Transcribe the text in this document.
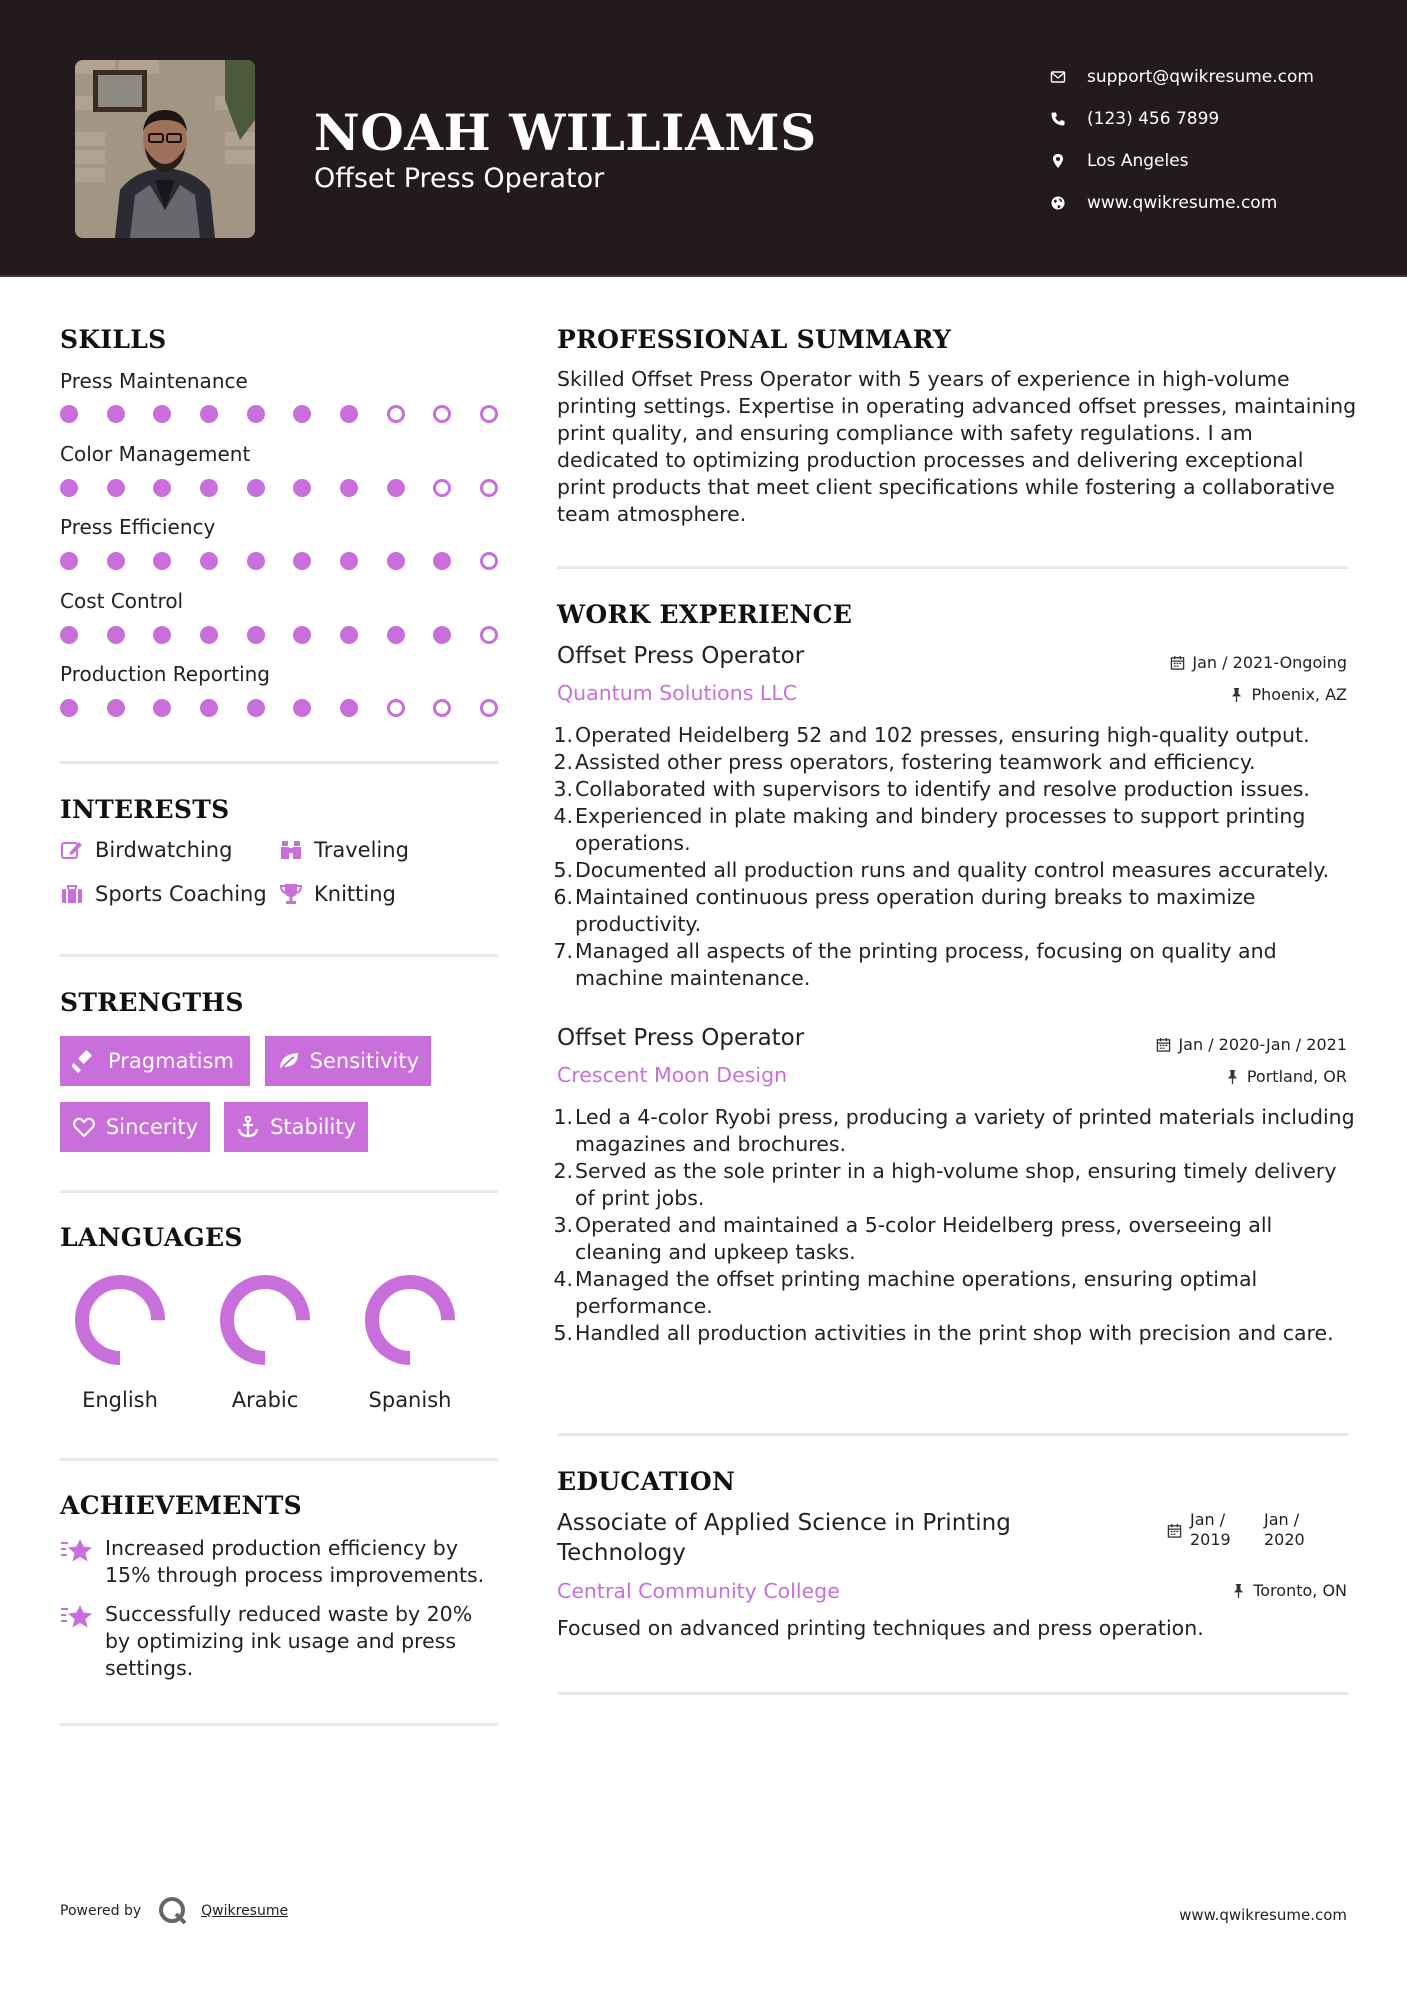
NOAH WILLIAMS
Offset Press Operator
support@qwikresume.com
(123) 456 7899
Los Angeles
www.qwikresume.com
SKILLS
Press Maintenance
Color Management
Press Efficiency
Cost Control
Production Reporting
INTERESTS
Birdwatching	Traveling
Sports Coaching Knitting
STRENGTHS
Pragmatism	Sensitivity
Sincerity	Stability
LANGUAGES
English	Arabic	Spanish
ACHIEVEMENTS
Increased production efficiency by 15% through process improvements.
Successfully reduced waste by 20% by optimizing ink usage and press settings.
PROFESSIONAL SUMMARY
Skilled Offset Press Operator with 5 years of experience in high-volume printing settings. Expertise in operating advanced offset presses, maintaining print quality, and ensuring compliance with safety regulations. I am dedicated to optimizing production processes and delivering exceptional print products that meet client specifications while fostering a collaborative team atmosphere.
WORK EXPERIENCE
Offset Press Operator	Jan / 2021-Ongoing
Quantum Solutions LLC	Phoenix, AZ
1. Operated Heidelberg 52 and 102 presses, ensuring high-quality output.
2. Assisted other press operators, fostering teamwork and efficiency.
3. Collaborated with supervisors to identify and resolve production issues.
4. Experienced in plate making and bindery processes to support printing operations.
5. Documented all production runs and quality control measures accurately.
6. Maintained continuous press operation during breaks to maximize productivity.
7. Managed all aspects of the printing process, focusing on quality and machine maintenance.
Offset Press Operator	Jan / 2020-Jan / 2021
Crescent Moon Design	Portland, OR
1. Led a 4-color Ryobi press, producing a variety of printed materials including magazines and brochures.
2. Served as the sole printer in a high-volume shop, ensuring timely delivery of print jobs.
3. Operated and maintained a 5-color Heidelberg press, overseeing all cleaning and upkeep tasks.
4. Managed the offset printing machine operations, ensuring optimal performance.
5. Handled all production activities in the print shop with precision and care.
EDUCATION
Associate of Applied Science in Printing
Technology
Jan /
2019
Jan /
2020
Central Community College	Toronto, ON
Focused on advanced printing techniques and press operation.
Powered by	Qwikresume	www.qwikresume.com
